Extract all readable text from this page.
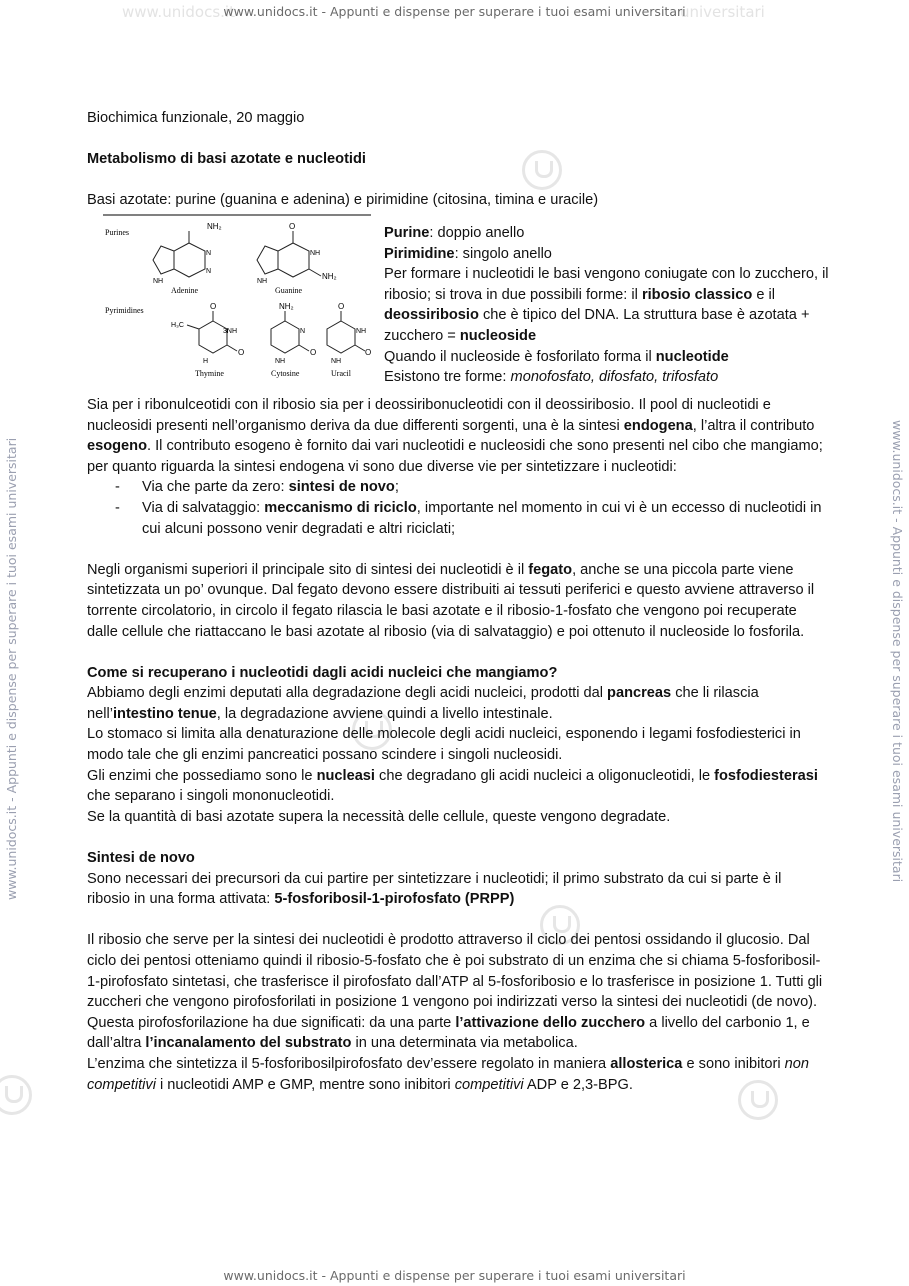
www.unidocs.it	universitari
www.unidocs.it - Appunti e dispense per superare i tuoi esami universitari
www.unidocs.it - Appunti e dispense per superare i tuoi esami universitari
www.unidocs.it - Appunti e dispense per superare i tuoi esami universitari	www.unidocs.it - Appunti e dispense per superare i tuoi esami universitari

Biochimica funzionale, 20 maggio

Metabolismo di basi azotate e nucleotidi

Basi azotate: purine (guanina e adenina) e pirimidine (citosina, timina e uracile)

Purines
Pyrimidines
NH₂
N
N
NH
Adenine
O
NH
NH₂
NH
Guanine
O
H₃C
3NH
O
H
Thymine
NH₂
N
O
NH
Cytosine
O
NH
O
NH
Uracil

Purine: doppio anello

Pirimidine: singolo anello

Per formare i nucleotidi le basi vengono coniugate con lo zucchero, il ribosio; si trova in due possibili forme: il ribosio classico e il deossiribosio che è tipico del DNA. La struttura base è azotata + zucchero = nucleoside

Quando il nucleoside è fosforilato forma il nucleotide

Esistono tre forme: monofosfato, difosfato, trifosfato

Sia per i ribonulceotidi con il ribosio sia per i deossiribonucleotidi con il deossiribosio. Il pool di nucleotidi e nucleosidi presenti nell’organismo deriva da due differenti sorgenti, una è la sintesi endogena, l’altra il contributo esogeno. Il contributo esogeno è fornito dai vari nucleotidi e nucleosidi che sono presenti nel cibo che mangiamo; per quanto riguarda la sintesi endogena vi sono due diverse vie per sintetizzare i nucleotidi:

- Via che parte da zero: sintesi de novo;
- Via di salvataggio: meccanismo di riciclo, importante nel momento in cui vi è un eccesso di nucleotidi in cui alcuni possono venir degradati e altri riciclati;

Negli organismi superiori il principale sito di sintesi dei nucleotidi è il fegato, anche se una piccola parte viene sintetizzata un po’ ovunque. Dal fegato devono essere distribuiti ai tessuti periferici e questo avviene attraverso il torrente circolatorio, in circolo il fegato rilascia le basi azotate e il ribosio-1-fosfato che vengono poi recuperate dalle cellule che riattaccano le basi azotate al ribosio (via di salvataggio) e poi ottenuto il nucleoside lo fosforila.

Come si recuperano i nucleotidi dagli acidi nucleici che mangiamo?

Abbiamo degli enzimi deputati alla degradazione degli acidi nucleici, prodotti dal pancreas che li rilascia nell’intestino tenue, la degradazione avviene quindi a livello intestinale.

Lo stomaco si limita alla denaturazione delle molecole degli acidi nucleici, esponendo i legami fosfodiesterici in modo tale che gli enzimi pancreatici possano scindere i singoli nucleosidi.

Gli enzimi che possediamo sono le nucleasi che degradano gli acidi nucleici a oligonucleotidi, le fosfodiesterasi che separano i singoli mononucleotidi.

Se la quantità di basi azotate supera la necessità delle cellule, queste vengono degradate.

Sintesi de novo

Sono necessari dei precursori da cui partire per sintetizzare i nucleotidi; il primo substrato da cui si parte è il ribosio in una forma attivata: 5-fosforibosil-1-pirofosfato (PRPP)

Il ribosio che serve per la sintesi dei nucleotidi è prodotto attraverso il ciclo dei pentosi ossidando il glucosio. Dal ciclo dei pentosi otteniamo quindi il ribosio-5-fosfato che è poi substrato di un enzima che si chiama 5-fosforibosil-1-pirofosfato sintetasi, che trasferisce il pirofosfato dall’ATP al 5-fosforibosio e lo trasferisce in posizione 1. Tutti gli zuccheri che vengono pirofosforilati in posizione 1 vengono poi indirizzati verso la sintesi dei nucleotidi (de novo). Questa pirofosforilazione ha due significati: da una parte l’attivazione dello zucchero a livello del carbonio 1, e dall’altra l’incanalamento del substrato in una determinata via metabolica.

L’enzima che sintetizza il 5-fosforibosilpirofosfato dev’essere regolato in maniera allosterica e sono inibitori non competitivi i nucleotidi AMP e GMP, mentre sono inibitori competitivi ADP e 2,3-BPG.
